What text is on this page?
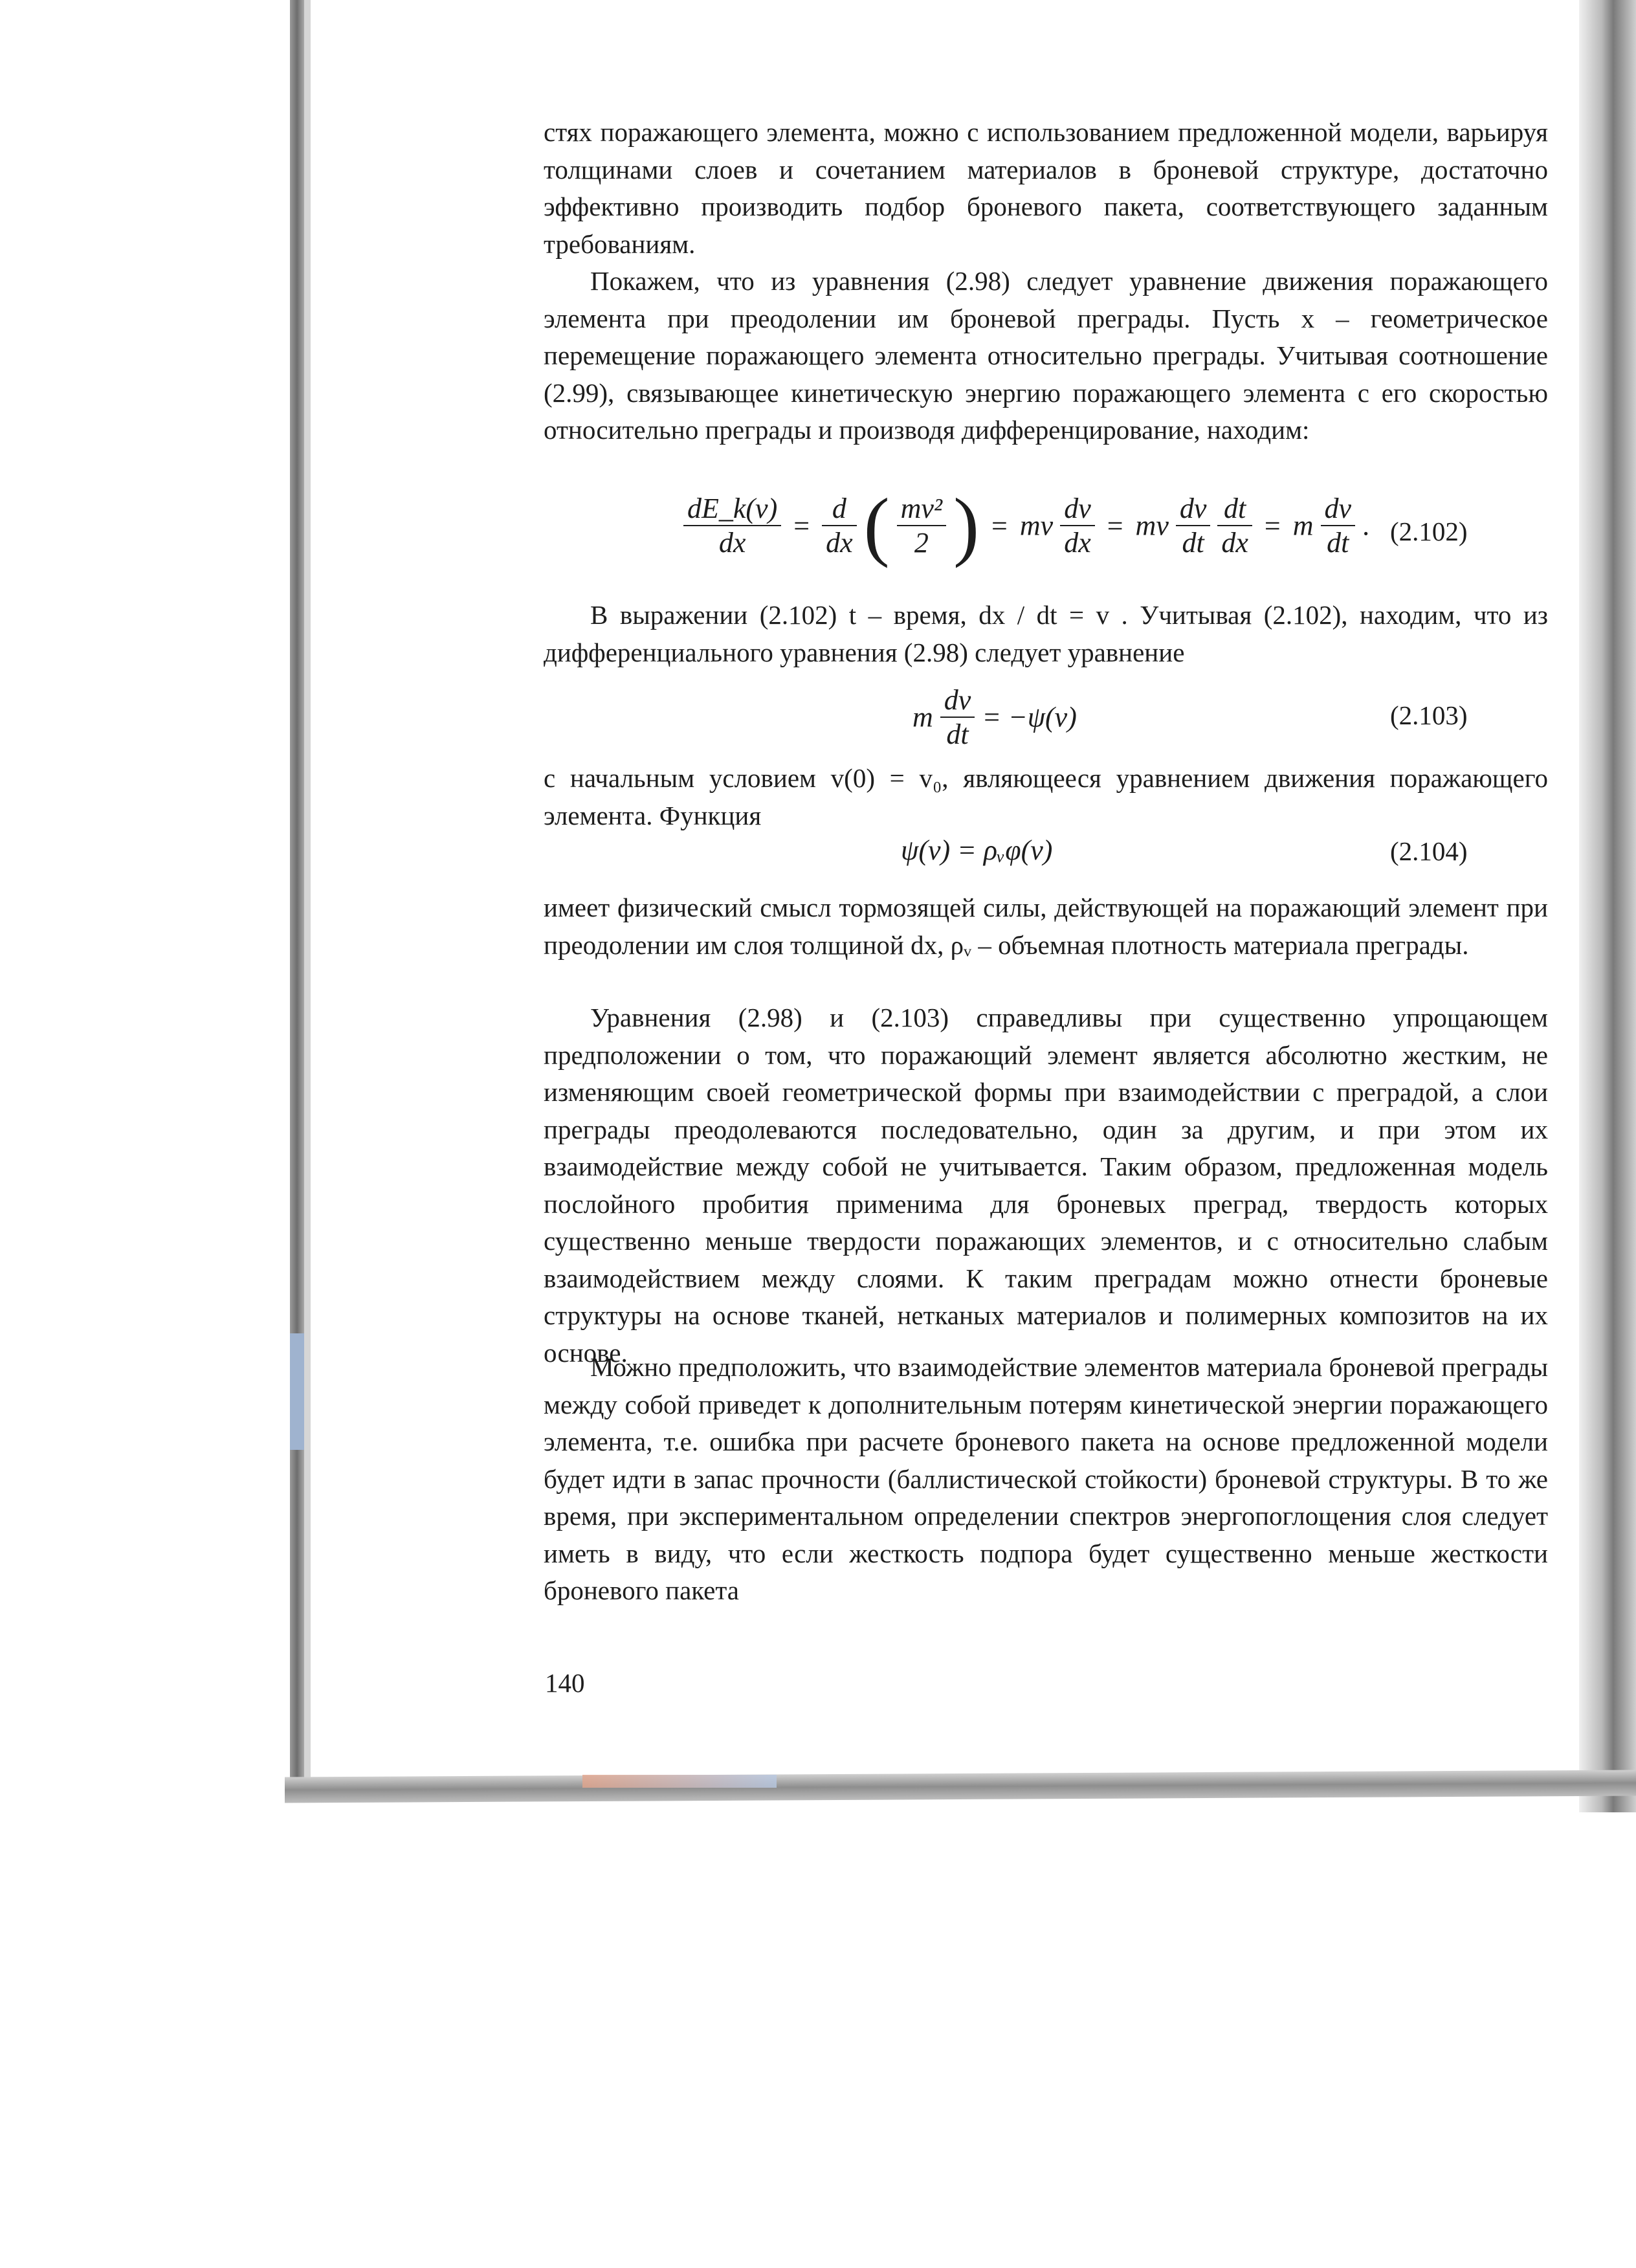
стях поражающего элемента, можно с использованием предложенной модели, варьируя толщинами слоев и сочетанием материалов в броневой структуре, достаточно эффективно производить подбор броневого пакета, соответствующего заданным требованиям.

Покажем, что из уравнения (2.98) следует уравнение движения поражающего элемента при преодолении им броневой преграды. Пусть x – геометрическое перемещение поражающего элемента относительно преграды. Учитывая соотношение (2.99), связывающее кинетическую энергию поражающего элемента с его скоростью относительно преграды и производя дифференцирование, находим:

$\frac{dE\_k(v)}{dx} = \frac{d}{dx}$ ( $\frac{\text{mv²}}{2}$ ) = mv $\frac{dv}{dx}$ = mv $\frac{dv}{dt}$
$\frac{dt}{dx} = m \frac{dv}{dt}$ . (2.102)

В выражении (2.102) t – время, dx / dt = v . Учитывая (2.102), находим, что из дифференциального уравнения (2.98) следует уравнение

m $\frac{dv}{dt} = -\psi(v)$	(2.103)

с начальным условием v(0) = v₀, являющееся уравнением движения поражающего элемента. Функция

ψ(v) = ρᵥφ(v)	(2.104)

имеет физический смысл тормозящей силы, действующей на поражающий элемент при преодолении им слоя толщиной dx, ρᵥ – объемная плотность материала преграды.

Уравнения (2.98) и (2.103) справедливы при существенно упрощающем предположении о том, что поражающий элемент является абсолютно жестким, не изменяющим своей геометрической формы при взаимодействии с преградой, а слои преграды преодолеваются последовательно, один за другим, и при этом их взаимодействие между собой не учитывается. Таким образом, предложенная модель послойного пробития применима для броневых преград, твердость которых существенно меньше твердости поражающих элементов, и с относительно слабым взаимодействием между слоями. К таким преградам можно отнести броневые структуры на основе тканей, нетканых материалов и полимерных композитов на их основе.

Можно предположить, что взаимодействие элементов материала броневой преграды между собой приведет к дополнительным потерям кинетической энергии поражающего элемента, т.е. ошибка при расчете броневого пакета на основе предложенной модели будет идти в запас прочности (баллистической стойкости) броневой структуры. В то же время, при экспериментальном определении спектров энергопоглощения слоя следует иметь в виду, что если жесткость подпора будет существенно меньше жесткости броневого пакета

140
